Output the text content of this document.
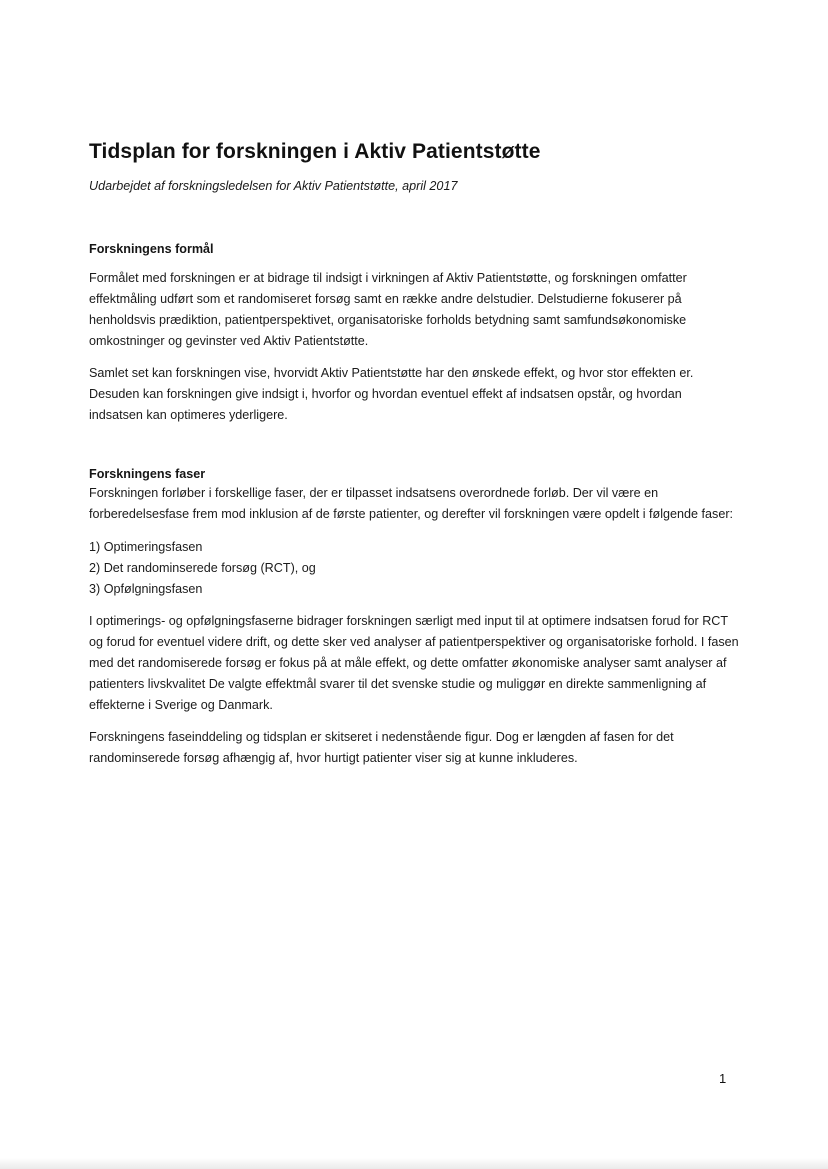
Tidsplan for forskningen i Aktiv Patientstøtte

Udarbejdet af forskningsledelsen for Aktiv Patientstøtte, april 2017

Forskningens formål

Formålet med forskningen er at bidrage til indsigt i virkningen af Aktiv Patientstøtte, og forskningen omfatter effektmåling udført som et randomiseret forsøg samt en række andre delstudier. Delstudierne fokuserer på henholdsvis prædiktion, patientperspektivet, organisatoriske forholds betydning samt samfundsøkonomiske omkostninger og gevinster ved Aktiv Patientstøtte.

Samlet set kan forskningen vise, hvorvidt Aktiv Patientstøtte har den ønskede effekt, og hvor stor effekten er. Desuden kan forskningen give indsigt i, hvorfor og hvordan eventuel effekt af indsatsen opstår, og hvordan indsatsen kan optimeres yderligere.

Forskningens faser

Forskningen forløber i forskellige faser, der er tilpasset indsatsens overordnede forløb. Der vil være en forberedelsesfase frem mod inklusion af de første patienter, og derefter vil forskningen være opdelt i følgende faser:

1) Optimeringsfasen
2) Det randominserede forsøg (RCT), og
3) Opfølgningsfasen

I optimerings- og opfølgningsfaserne bidrager forskningen særligt med input til at optimere indsatsen forud for RCT og forud for eventuel videre drift, og dette sker ved analyser af patientperspektiver og organisatoriske forhold. I fasen med det randomiserede forsøg er fokus på at måle effekt, og dette omfatter økonomiske analyser samt analyser af patienters livskvalitet De valgte effektmål svarer til det svenske studie og muliggør en direkte sammenligning af effekterne i Sverige og Danmark.

Forskningens faseinddeling og tidsplan er skitseret i nedenstående figur. Dog er længden af fasen for det randominserede forsøg afhængig af, hvor hurtigt patienter viser sig at kunne inkluderes.

1
